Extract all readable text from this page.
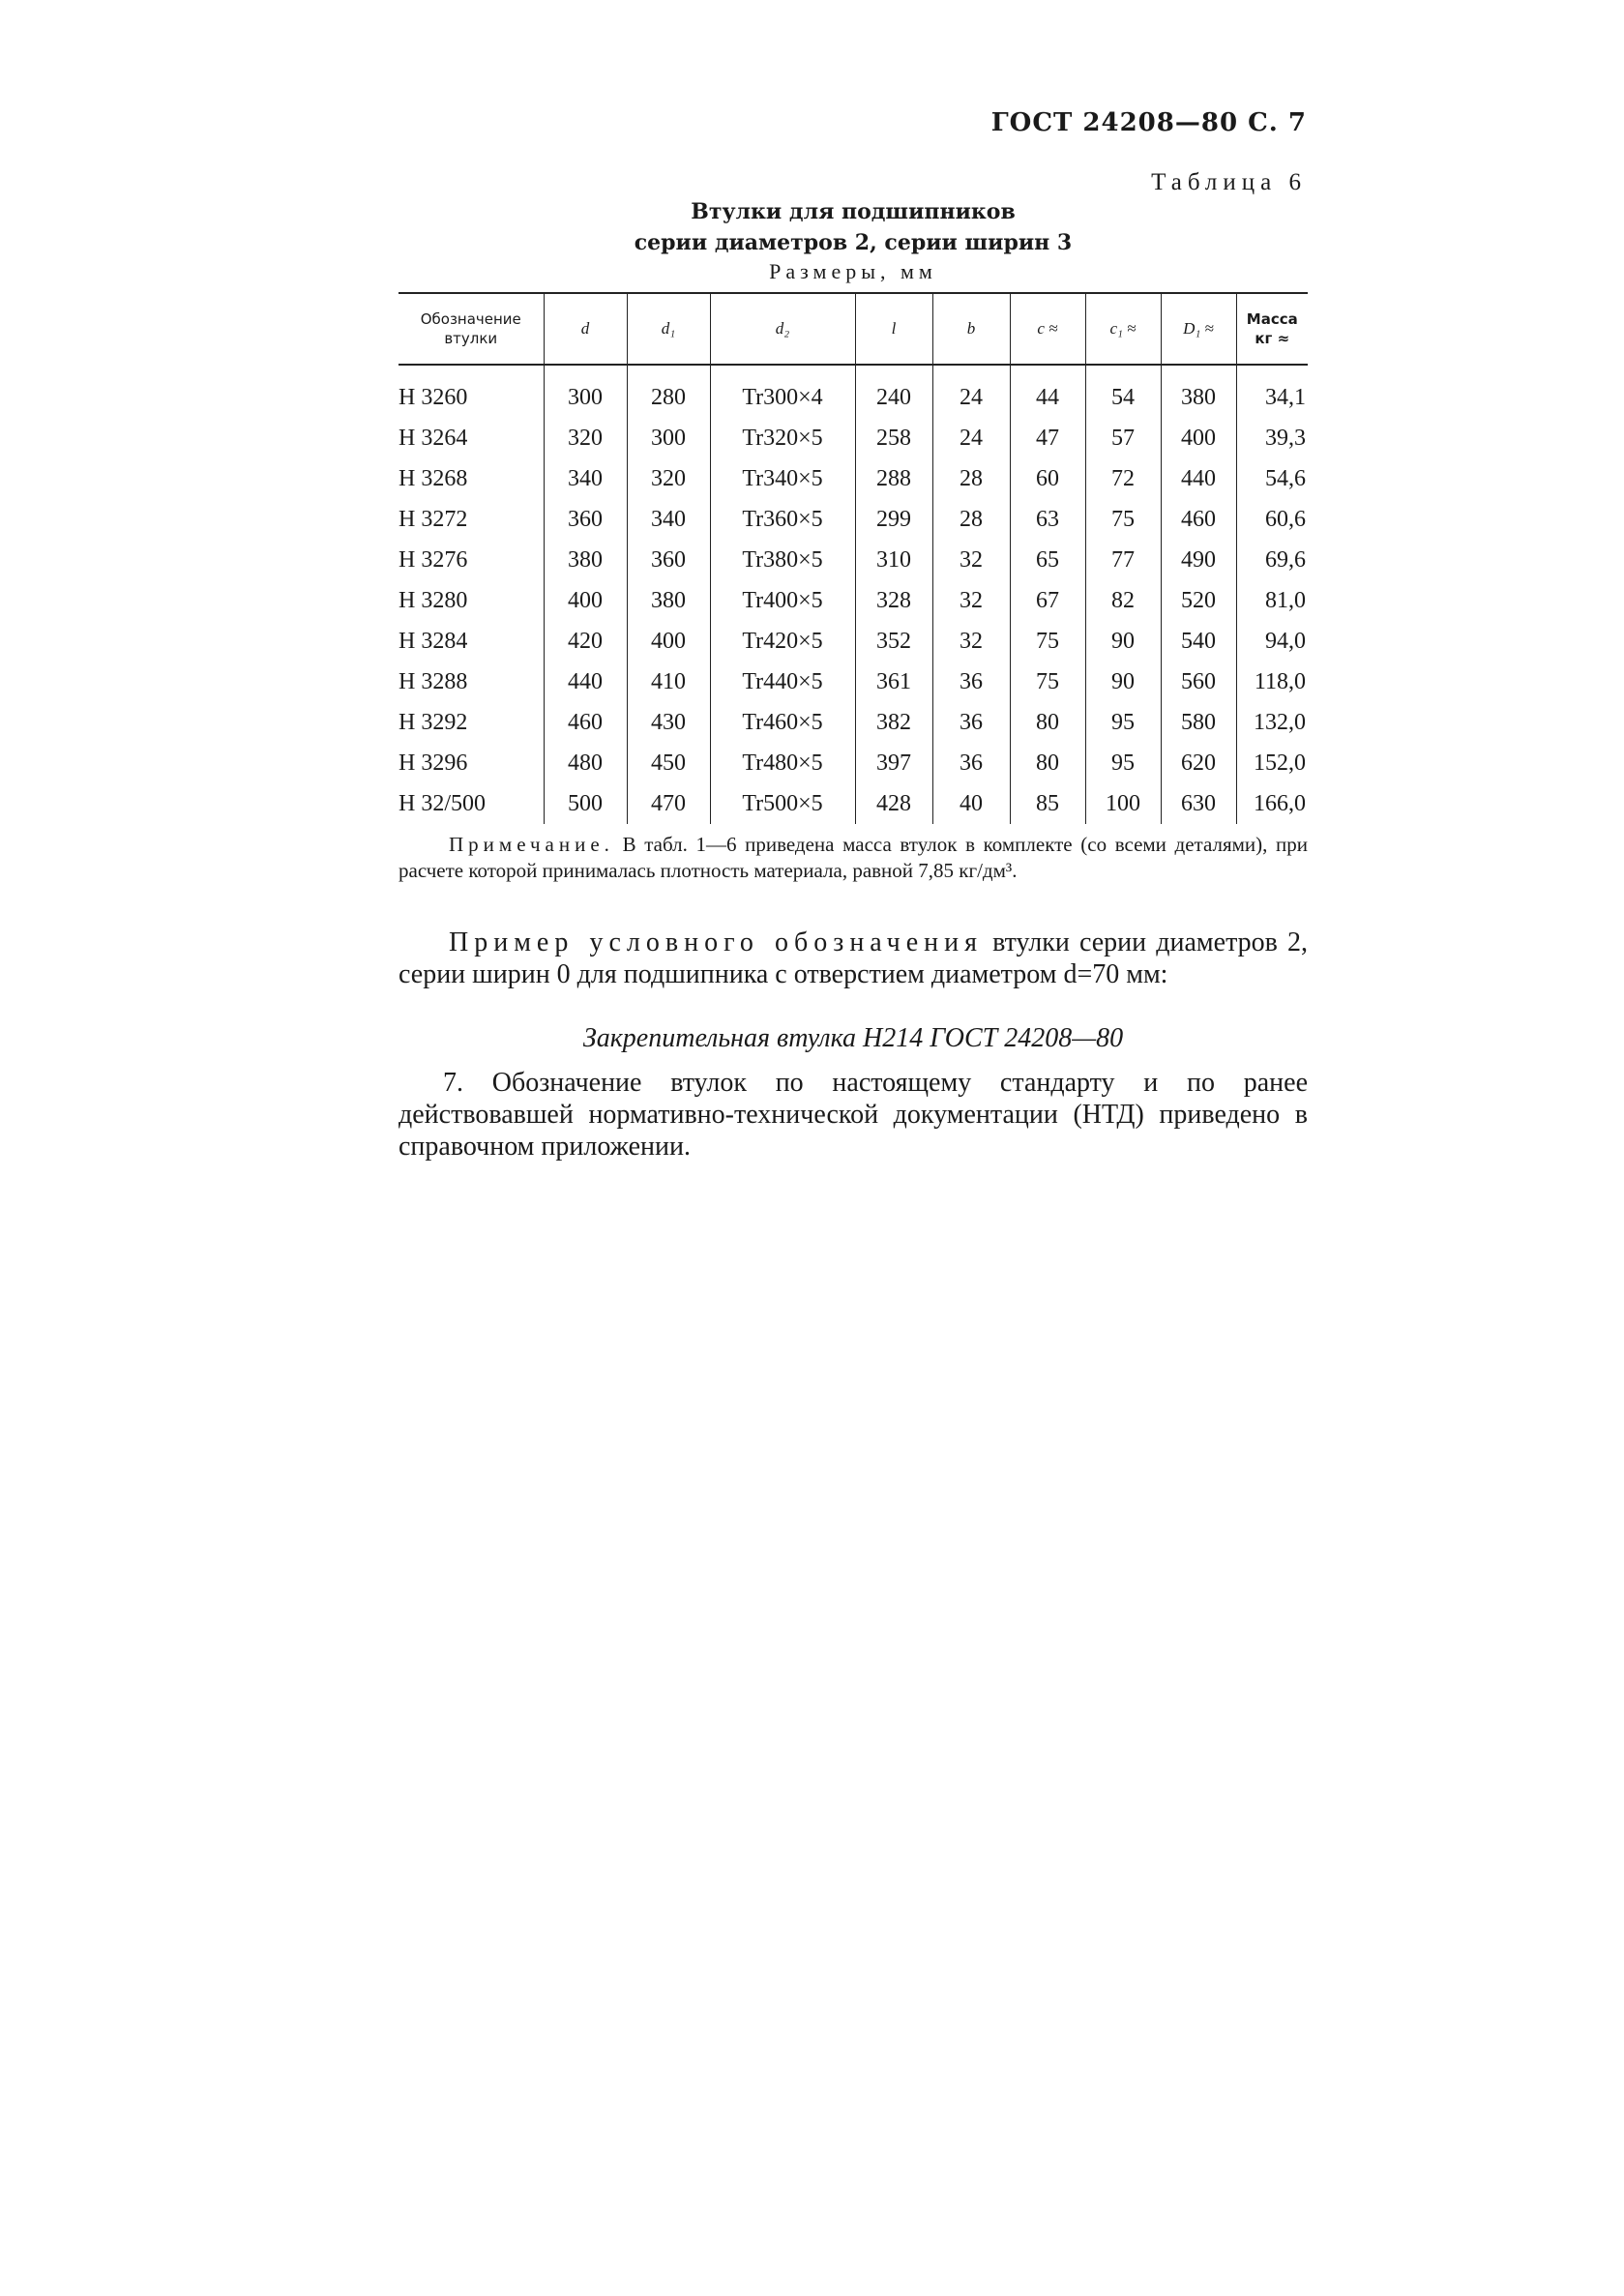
ГОСТ 24208—80 С. 7
Таблица 6
Втулки для подшипников
серии диаметров 2, серии ширин 3
Размеры, мм
Обозначение втулки	d	d₁	d₂	l	b	c ≈	c₁ ≈	D₁ ≈	Масса кг ≈
Н 3260	300	280	Tr300×4	240	24	44	54	380	34,1
Н 3264	320	300	Tr320×5	258	24	47	57	400	39,3
Н 3268	340	320	Tr340×5	288	28	60	72	440	54,6
Н 3272	360	340	Tr360×5	299	28	63	75	460	60,6
Н 3276	380	360	Tr380×5	310	32	65	77	490	69,6
Н 3280	400	380	Tr400×5	328	32	67	82	520	81,0
Н 3284	420	400	Tr420×5	352	32	75	90	540	94,0
Н 3288	440	410	Tr440×5	361	36	75	90	560	118,0
Н 3292	460	430	Tr460×5	382	36	80	95	580	132,0
Н 3296	480	450	Tr480×5	397	36	80	95	620	152,0
Н 32/500	500	470	Tr500×5	428	40	85	100	630	166,0
Примечание. В табл. 1—6 приведена масса втулок в комплекте (со всеми деталями), при расчете которой принималась плотность материала, равной 7,85 кг/дм³.
Пример условного обозначения втулки серии диаметров 2, серии ширин 0 для подшипника с отверстием диаметром d=70 мм:
Закрепительная втулка Н214 ГОСТ 24208—80
7. Обозначение втулок по настоящему стандарту и по ранее действовавшей нормативно-технической документации (НТД) приведено в справочном приложении.
